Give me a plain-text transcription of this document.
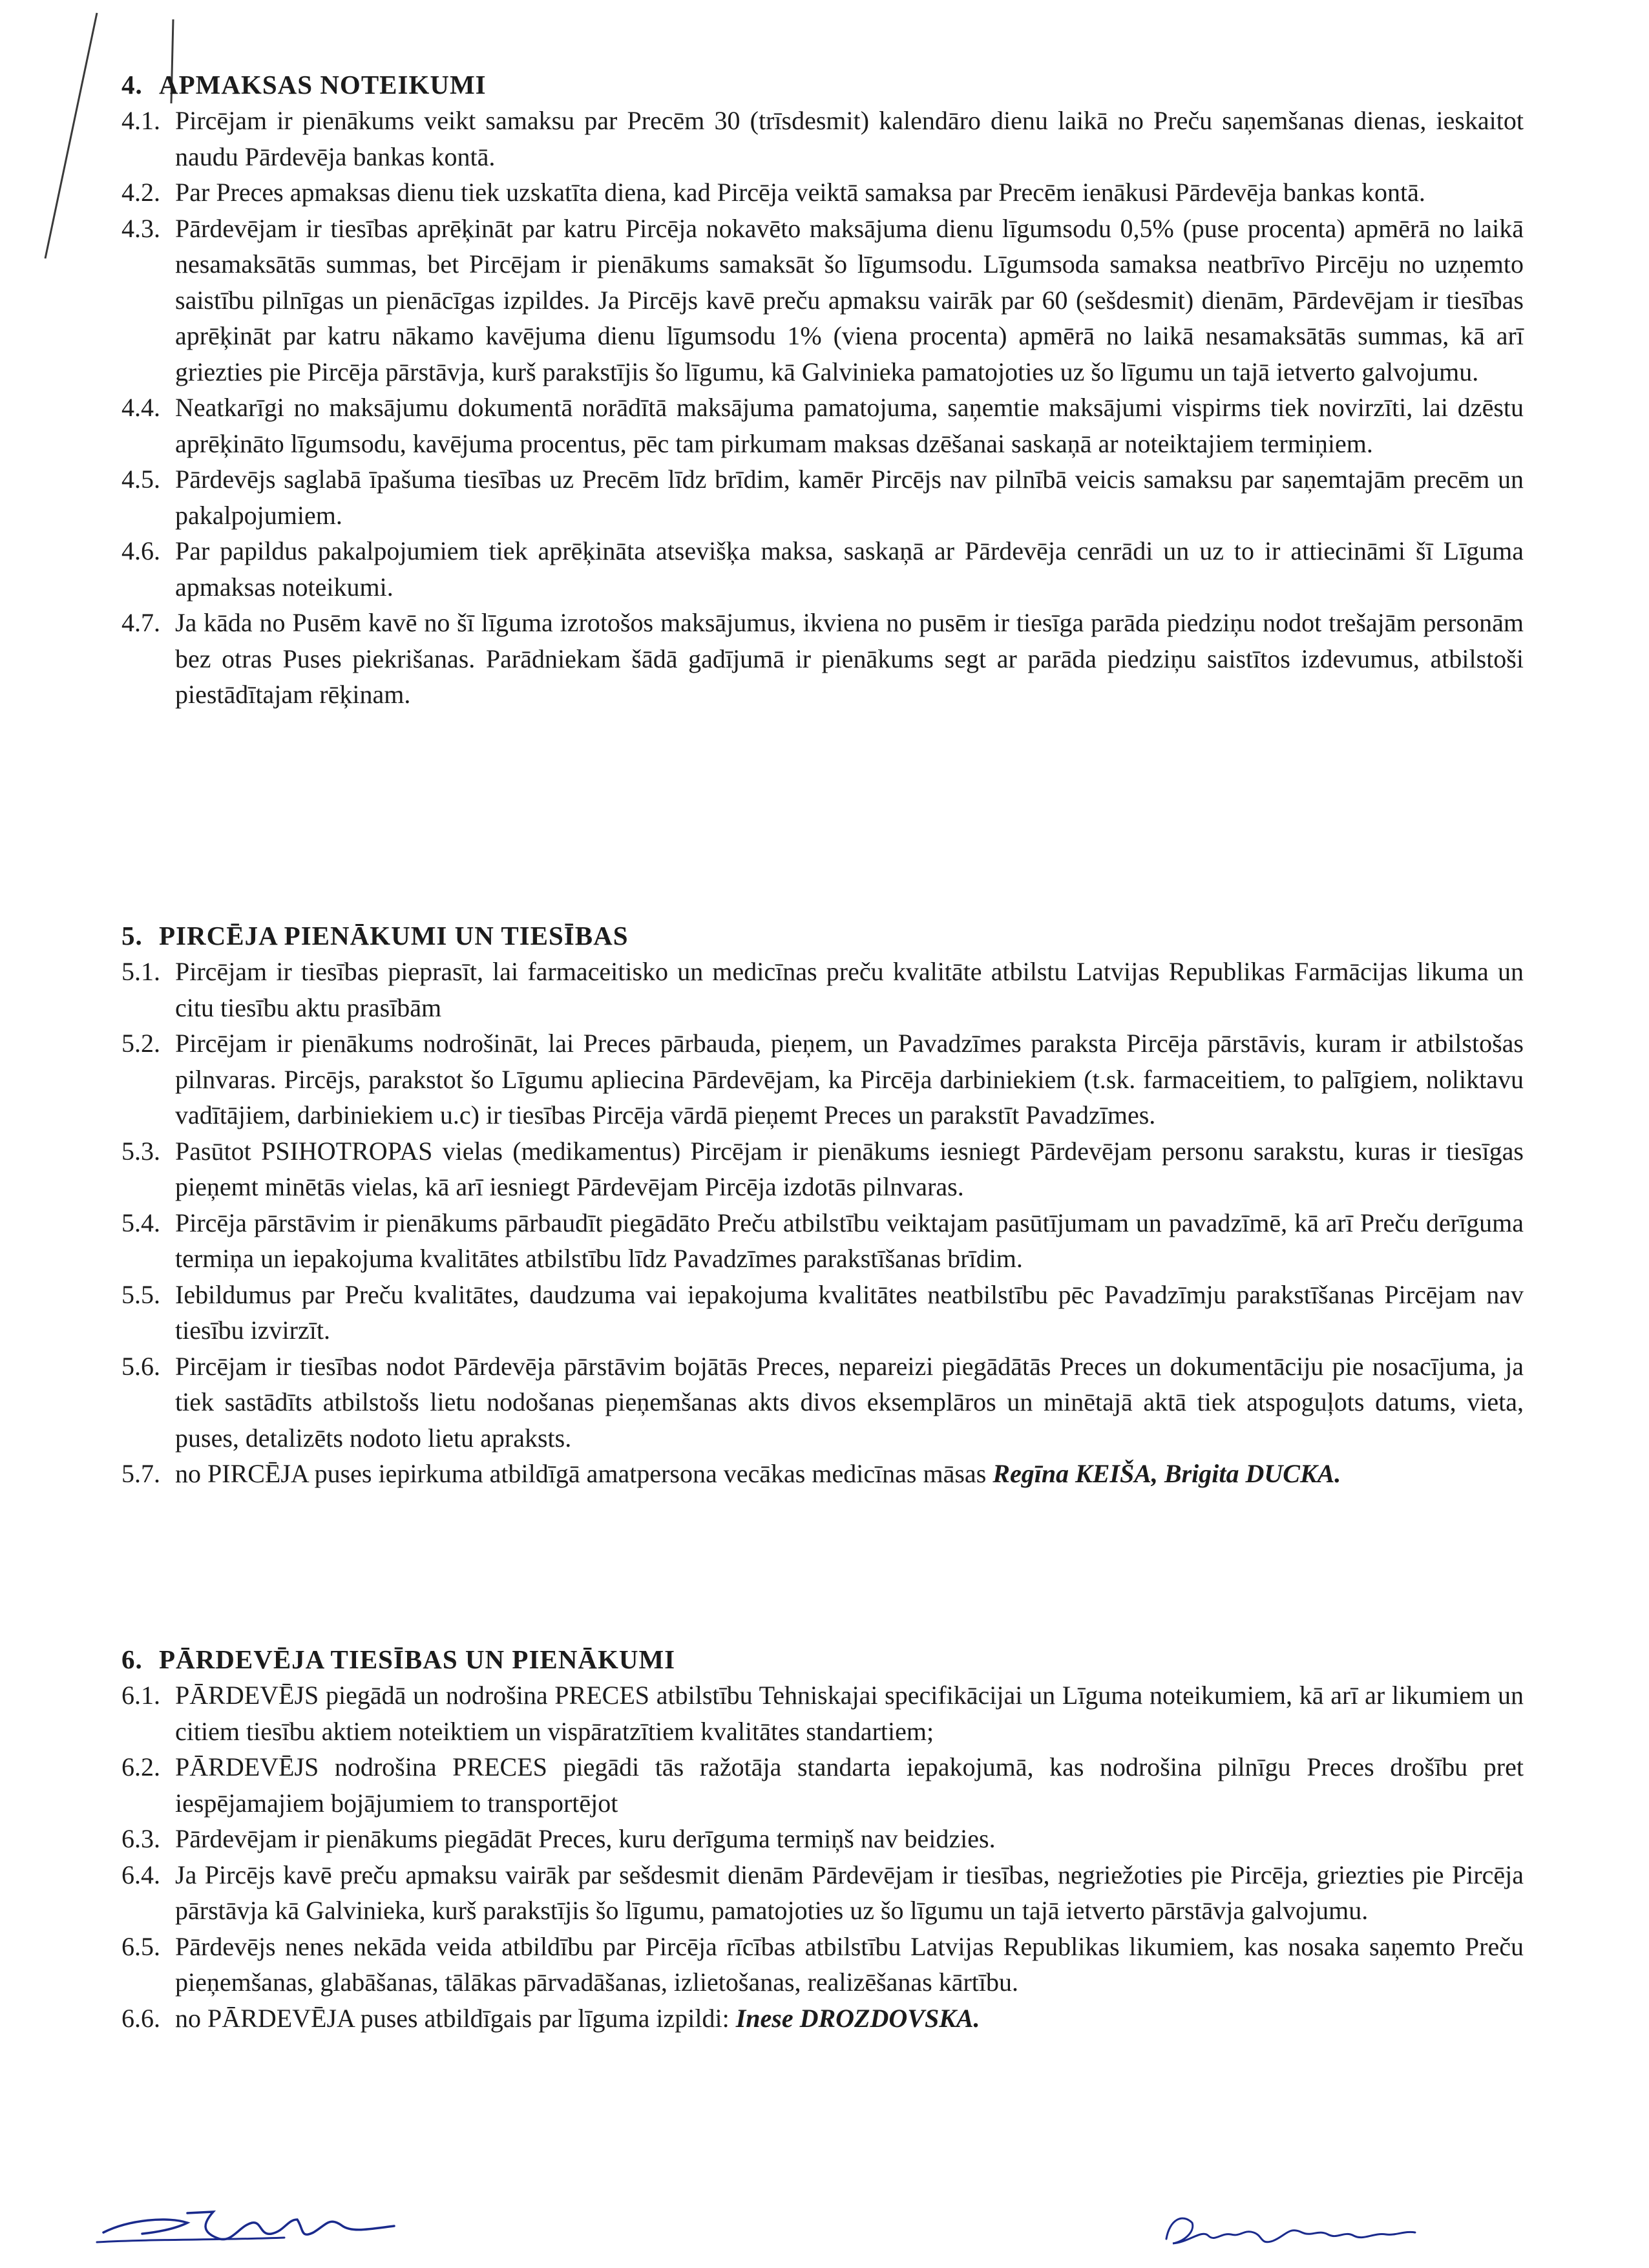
4. APMAKSAS NOTEIKUMI

4.1. Pircējam ir pienākums veikt samaksu par Precēm 30 (trīsdesmit) kalendāro dienu laikā no Preču saņemšanas dienas, ieskaitot naudu Pārdevēja bankas kontā.
4.2. Par Preces apmaksas dienu tiek uzskatīta diena, kad Pircēja veiktā samaksa par Precēm ienākusi Pārdevēja bankas kontā.
4.3. Pārdevējam ir tiesības aprēķināt par katru Pircēja nokavēto maksājuma dienu līgumsodu 0,5% (puse procenta) apmērā no laikā nesamaksātās summas, bet Pircējam ir pienākums samaksāt šo līgumsodu. Līgumsoda samaksa neatbrīvo Pircēju no uzņemto saistību pilnīgas un pienācīgas izpildes. Ja Pircējs kavē preču apmaksu vairāk par 60 (sešdesmit) dienām, Pārdevējam ir tiesības aprēķināt par katru nākamo kavējuma dienu līgumsodu 1% (viena procenta) apmērā no laikā nesamaksātās summas, kā arī griezties pie Pircēja pārstāvja, kurš parakstījis šo līgumu, kā Galvinieka pamatojoties uz šo līgumu un tajā ietverto galvojumu.
4.4. Neatkarīgi no maksājumu dokumentā norādītā maksājuma pamatojuma, saņemtie maksājumi vispirms tiek novirzīti, lai dzēstu aprēķināto līgumsodu, kavējuma procentus, pēc tam pirkumam maksas dzēšanai saskaņā ar noteiktajiem termiņiem.
4.5. Pārdevējs saglabā īpašuma tiesības uz Precēm līdz brīdim, kamēr Pircējs nav pilnībā veicis samaksu par saņemtajām precēm un pakalpojumiem.
4.6. Par papildus pakalpojumiem tiek aprēķināta atsevišķa maksa, saskaņā ar Pārdevēja cenrādi un uz to ir attiecināmi šī Līguma apmaksas noteikumi.
4.7. Ja kāda no Pusēm kavē no šī līguma izrotošos maksājumus, ikviena no pusēm ir tiesīga parāda piedziņu nodot trešajām personām bez otras Puses piekrišanas. Parādniekam šādā gadījumā ir pienākums segt ar parāda piedziņu saistītos izdevumus, atbilstoši piestādītajam rēķinam.

5. PIRCĒJA PIENĀKUMI UN TIESĪBAS

5.1. Pircējam ir tiesības pieprasīt, lai farmaceitisko un medicīnas preču kvalitāte atbilstu Latvijas Republikas Farmācijas likuma un citu tiesību aktu prasībām
5.2. Pircējam ir pienākums nodrošināt, lai Preces pārbauda, pieņem, un Pavadzīmes paraksta Pircēja pārstāvis, kuram ir atbilstošas pilnvaras. Pircējs, parakstot šo Līgumu apliecina Pārdevējam, ka Pircēja darbiniekiem (t.sk. farmaceitiem, to palīgiem, noliktavu vadītājiem, darbiniekiem u.c) ir tiesības Pircēja vārdā pieņemt Preces un parakstīt Pavadzīmes.
5.3. Pasūtot PSIHOTROPAS vielas (medikamentus) Pircējam ir pienākums iesniegt Pārdevējam personu sarakstu, kuras ir tiesīgas pieņemt minētās vielas, kā arī iesniegt Pārdevējam Pircēja izdotās pilnvaras.
5.4. Pircēja pārstāvim ir pienākums pārbaudīt piegādāto Preču atbilstību veiktajam pasūtījumam un pavadzīmē, kā arī Preču derīguma termiņa un iepakojuma kvalitātes atbilstību līdz Pavadzīmes parakstīšanas brīdim.
5.5. Iebildumus par Preču kvalitātes, daudzuma vai iepakojuma kvalitātes neatbilstību pēc Pavadzīmju parakstīšanas Pircējam nav tiesību izvirzīt.
5.6. Pircējam ir tiesības nodot Pārdevēja pārstāvim bojātās Preces, nepareizi piegādātās Preces un dokumentāciju pie nosacījuma, ja tiek sastādīts atbilstošs lietu nodošanas pieņemšanas akts divos eksemplāros un minētajā aktā tiek atspoguļots datums, vieta, puses, detalizēts nodoto lietu apraksts.
5.7. no PIRCĒJA puses iepirkuma atbildīgā amatpersona vecākas medicīnas māsas Regīna KEIŠA, Brigita DUCKA.

6. PĀRDEVĒJA TIESĪBAS UN PIENĀKUMI

6.1. PĀRDEVĒJS piegādā un nodrošina PRECES atbilstību Tehniskajai specifikācijai un Līguma noteikumiem, kā arī ar likumiem un citiem tiesību aktiem noteiktiem un vispāratzītiem kvalitātes standartiem;
6.2. PĀRDEVĒJS nodrošina PRECES piegādi tās ražotāja standarta iepakojumā, kas nodrošina pilnīgu Preces drošību pret iespējamajiem bojājumiem to transportējot
6.3. Pārdevējam ir pienākums piegādāt Preces, kuru derīguma termiņš nav beidzies.
6.4. Ja Pircējs kavē preču apmaksu vairāk par sešdesmit dienām Pārdevējam ir tiesības, negriežoties pie Pircēja, griezties pie Pircēja pārstāvja kā Galvinieka, kurš parakstījis šo līgumu, pamatojoties uz šo līgumu un tajā ietverto pārstāvja galvojumu.
6.5. Pārdevējs nenes nekāda veida atbildību par Pircēja rīcības atbilstību Latvijas Republikas likumiem, kas nosaka saņemto Preču pieņemšanas, glabāšanas, tālākas pārvadāšanas, izlietošanas, realizēšanas kārtību.
6.6. no PĀRDEVĒJA puses atbildīgais par līguma izpildi: Inese DROZDOVSKA.
